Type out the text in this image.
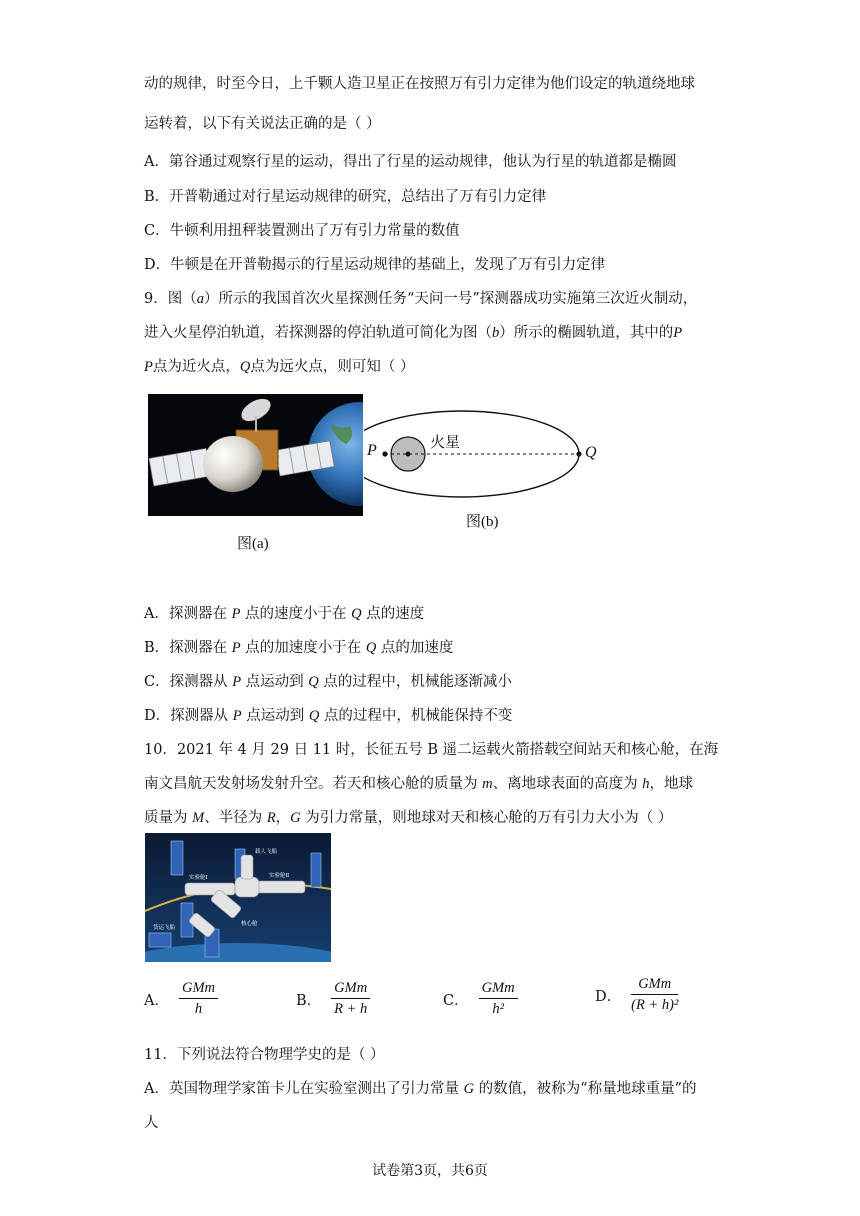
动的规律，时至今日，上千颗人造卫星正在按照万有引力定律为他们设定的轨道绕地球
运转着，以下有关说法正确的是（ ）
A．第谷通过观察行星的运动，得出了行星的运动规律，他认为行星的轨道都是椭圆
B．开普勒通过对行星运动规律的研究，总结出了万有引力定律
C．牛顿利用扭秤装置测出了万有引力常量的数值
D．牛顿是在开普勒揭示的行星运动规律的基础上，发现了万有引力定律
9．图（a）所示的我国首次火星探测任务“天问一号”探测器成功实施第三次近火制动，
进入火星停泊轨道，若探测器的停泊轨道可简化为图（b）所示的椭圆轨道，其中的P
P点为近火点，Q点为远火点，则可知（ ）
图(a)
P	Q
火星
图(b)
A．探测器在 P 点的速度小于在 Q 点的速度
B．探测器在 P 点的加速度小于在 Q 点的加速度
C．探测器从 P 点运动到 Q 点的过程中，机械能逐渐减小
D．探测器从 P 点运动到 Q 点的过程中，机械能保持不变
10．2021 年 4 月 29 日 11 时，长征五号 B 遥二运载火箭搭载空间站天和核心舱，在海
南文昌航天发射场发射升空。若天和核心舱的质量为 m、离地球表面的高度为 h，地球
质量为 M、半径为 R，G 为引力常量，则地球对天和核心舱的万有引力大小为（ ）
载人飞船
实验舱Ⅰ	实验舱Ⅱ
核心舱
货运飞船
A． $\frac{\text{GMm}}{h}$	B． $\frac{\text{GMm}}{R + h}$	C． $\frac{\text{GMm}}{\text{h²}}$	D． $\frac{\text{GMm}}{\text{(R + h)²}}$
11．下列说法符合物理学史的是（ ）
A．英国物理学家笛卡儿在实验室测出了引力常量 G 的数值，被称为“称量地球重量”的
人
试卷第3页，共6页
